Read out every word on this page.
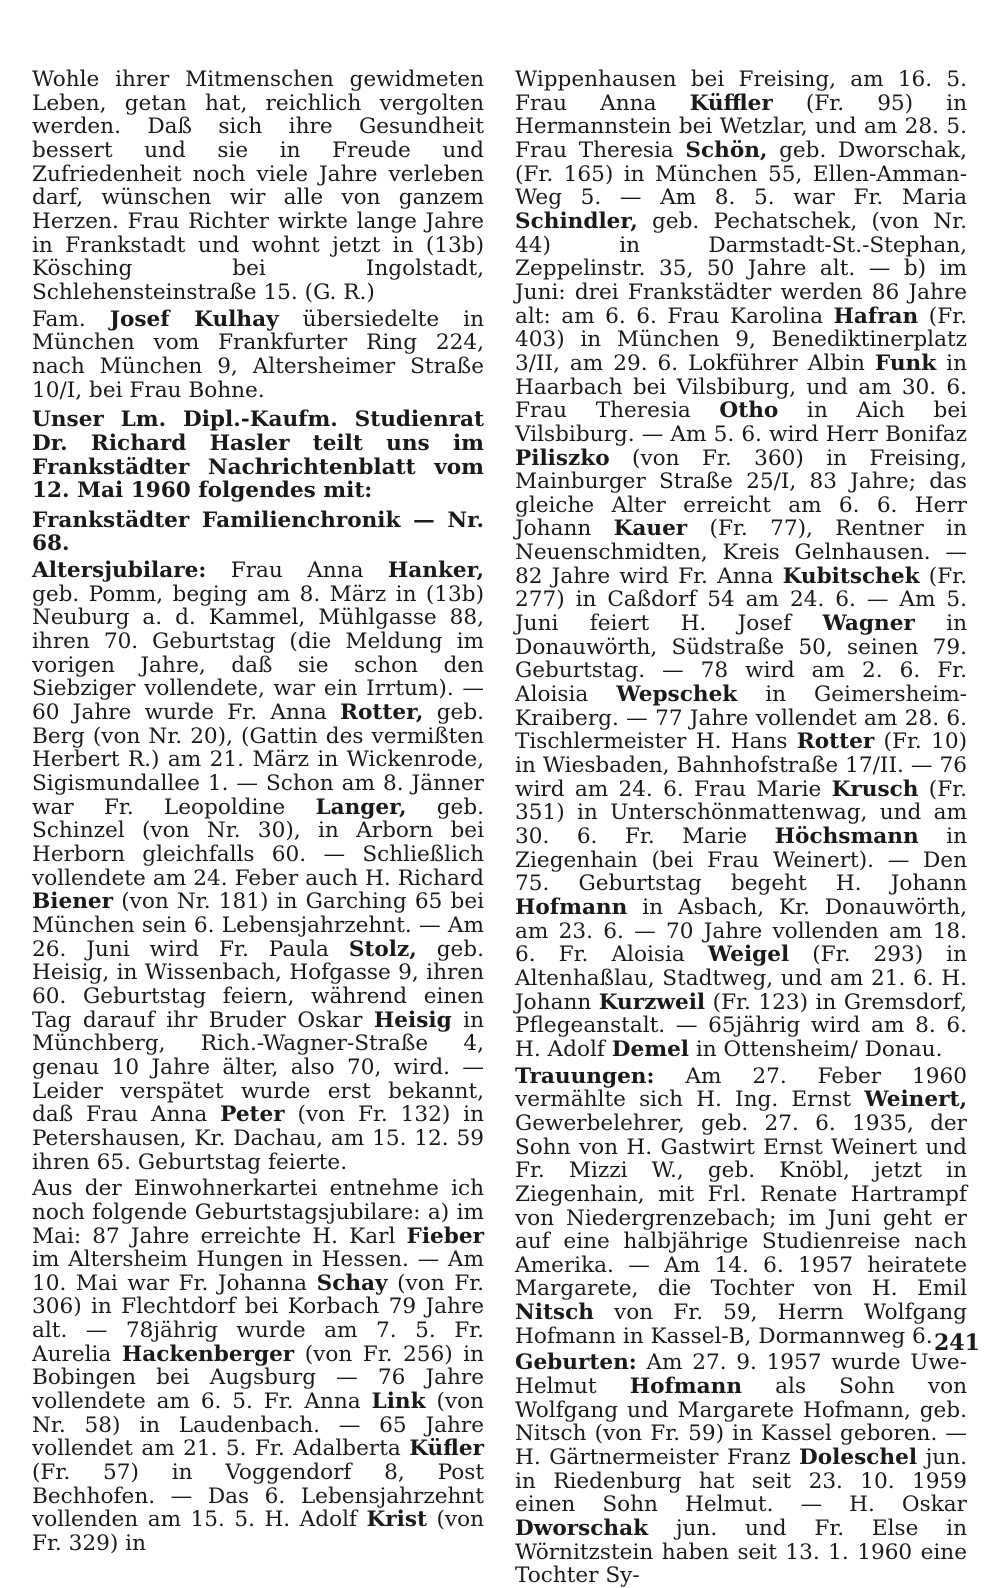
Wohle ihrer Mitmenschen gewidmeten Leben, getan hat, reichlich vergolten werden. Daß sich ihre Gesundheit bessert und sie in Freude und Zufriedenheit noch viele Jahre verleben darf, wünschen wir alle von ganzem Herzen. Frau Richter wirkte lange Jahre in Frankstadt und wohnt jetzt in (13b) Kösching bei Ingolstadt, Schlehensteinstraße 15. (G. R.)

Fam. Josef Kulhay übersiedelte in München vom Frankfurter Ring 224, nach München 9, Altersheimer Straße 10/I, bei Frau Bohne.

Unser Lm. Dipl.-Kaufm. Studienrat Dr. Richard Hasler teilt uns im Frankstädter Nachrichtenblatt vom 12. Mai 1960 folgendes mit:

Frankstädter Familienchronik — Nr. 68.

Altersjubilare: Frau Anna Hanker, geb. Pomm, beging am 8. März in (13b) Neuburg a. d. Kammel, Mühlgasse 88, ihren 70. Geburtstag (die Meldung im vorigen Jahre, daß sie schon den Siebziger vollendete, war ein Irrtum). — 60 Jahre wurde Fr. Anna Rotter, geb. Berg (von Nr. 20), (Gattin des vermißten Herbert R.) am 21. März in Wickenrode, Sigismundallee 1. — Schon am 8. Jänner war Fr. Leopoldine Langer, geb. Schinzel (von Nr. 30), in Arborn bei Herborn gleichfalls 60. — Schließlich vollendete am 24. Feber auch H. Richard Biener (von Nr. 181) in Garching 65 bei München sein 6. Lebensjahrzehnt. — Am 26. Juni wird Fr. Paula Stolz, geb. Heisig, in Wissenbach, Hofgasse 9, ihren 60. Geburtstag feiern, während einen Tag darauf ihr Bruder Oskar Heisig in Münchberg, Rich.-Wagner-Straße 4, genau 10 Jahre älter, also 70, wird. — Leider verspätet wurde erst bekannt, daß Frau Anna Peter (von Fr. 132) in Petershausen, Kr. Dachau, am 15. 12. 59 ihren 65. Geburtstag feierte.

Aus der Einwohnerkartei entnehme ich noch folgende Geburtstagsjubilare: a) im Mai: 87 Jahre erreichte H. Karl Fieber im Altersheim Hungen in Hessen. — Am 10. Mai war Fr. Johanna Schay (von Fr. 306) in Flechtdorf bei Korbach 79 Jahre alt. — 78jährig wurde am 7. 5. Fr. Aurelia Hackenberger (von Fr. 256) in Bobingen bei Augsburg — 76 Jahre vollendete am 6. 5. Fr. Anna Link (von Nr. 58) in Laudenbach. — 65 Jahre vollendet am 21. 5. Fr. Adalberta Küfler (Fr. 57) in Voggendorf 8, Post Bechhofen. — Das 6. Lebensjahrzehnt vollenden am 15. 5. H. Adolf Krist (von Fr. 329) in

Wippenhausen bei Freising, am 16. 5. Frau Anna Küffler (Fr. 95) in Hermannstein bei Wetzlar, und am 28. 5. Frau Theresia Schön, geb. Dworschak, (Fr. 165) in München 55, Ellen-Amman-Weg 5. — Am 8. 5. war Fr. Maria Schindler, geb. Pechatschek, (von Nr. 44) in Darmstadt-St.-Stephan, Zeppelinstr. 35, 50 Jahre alt. — b) im Juni: drei Frankstädter werden 86 Jahre alt: am 6. 6. Frau Karolina Hafran (Fr. 403) in München 9, Benediktinerplatz 3/II, am 29. 6. Lokführer Albin Funk in Haarbach bei Vilsbiburg, und am 30. 6. Frau Theresia Otho in Aich bei Vilsbiburg. — Am 5. 6. wird Herr Bonifaz Piliszko (von Fr. 360) in Freising, Mainburger Straße 25/I, 83 Jahre; das gleiche Alter erreicht am 6. 6. Herr Johann Kauer (Fr. 77), Rentner in Neuenschmidten, Kreis Gelnhausen. — 82 Jahre wird Fr. Anna Kubitschek (Fr. 277) in Caßdorf 54 am 24. 6. — Am 5. Juni feiert H. Josef Wagner in Donauwörth, Südstraße 50, seinen 79. Geburtstag. — 78 wird am 2. 6. Fr. Aloisia Wepschek in Geimersheim-Kraiberg. — 77 Jahre vollendet am 28. 6. Tischlermeister H. Hans Rotter (Fr. 10) in Wiesbaden, Bahnhofstraße 17/II. — 76 wird am 24. 6. Frau Marie Krusch (Fr. 351) in Unterschönmattenwag, und am 30. 6. Fr. Marie Höchsmann in Ziegenhain (bei Frau Weinert). — Den 75. Geburtstag begeht H. Johann Hofmann in Asbach, Kr. Donauwörth, am 23. 6. — 70 Jahre vollenden am 18. 6. Fr. Aloisia Weigel (Fr. 293) in Altenhaßlau, Stadtweg, und am 21. 6. H. Johann Kurzweil (Fr. 123) in Gremsdorf, Pflegeanstalt. — 65jährig wird am 8. 6. H. Adolf Demel in Ottensheim/ Donau.

Trauungen: Am 27. Feber 1960 vermählte sich H. Ing. Ernst Weinert, Gewerbelehrer, geb. 27. 6. 1935, der Sohn von H. Gastwirt Ernst Weinert und Fr. Mizzi W., geb. Knöbl, jetzt in Ziegenhain, mit Frl. Renate Hartrampf von Niedergrenzebach; im Juni geht er auf eine halbjährige Studienreise nach Amerika. — Am 14. 6. 1957 heiratete Margarete, die Tochter von H. Emil Nitsch von Fr. 59, Herrn Wolfgang Hofmann in Kassel-B, Dormannweg 6.

Geburten: Am 27. 9. 1957 wurde Uwe-Helmut Hofmann als Sohn von Wolfgang und Margarete Hofmann, geb. Nitsch (von Fr. 59) in Kassel geboren. — H. Gärtnermeister Franz Doleschel jun. in Riedenburg hat seit 23. 10. 1959 einen Sohn Helmut. — H. Oskar Dworschak jun. und Fr. Else in Wörnitzstein haben seit 13. 1. 1960 eine Tochter Sy-

241
